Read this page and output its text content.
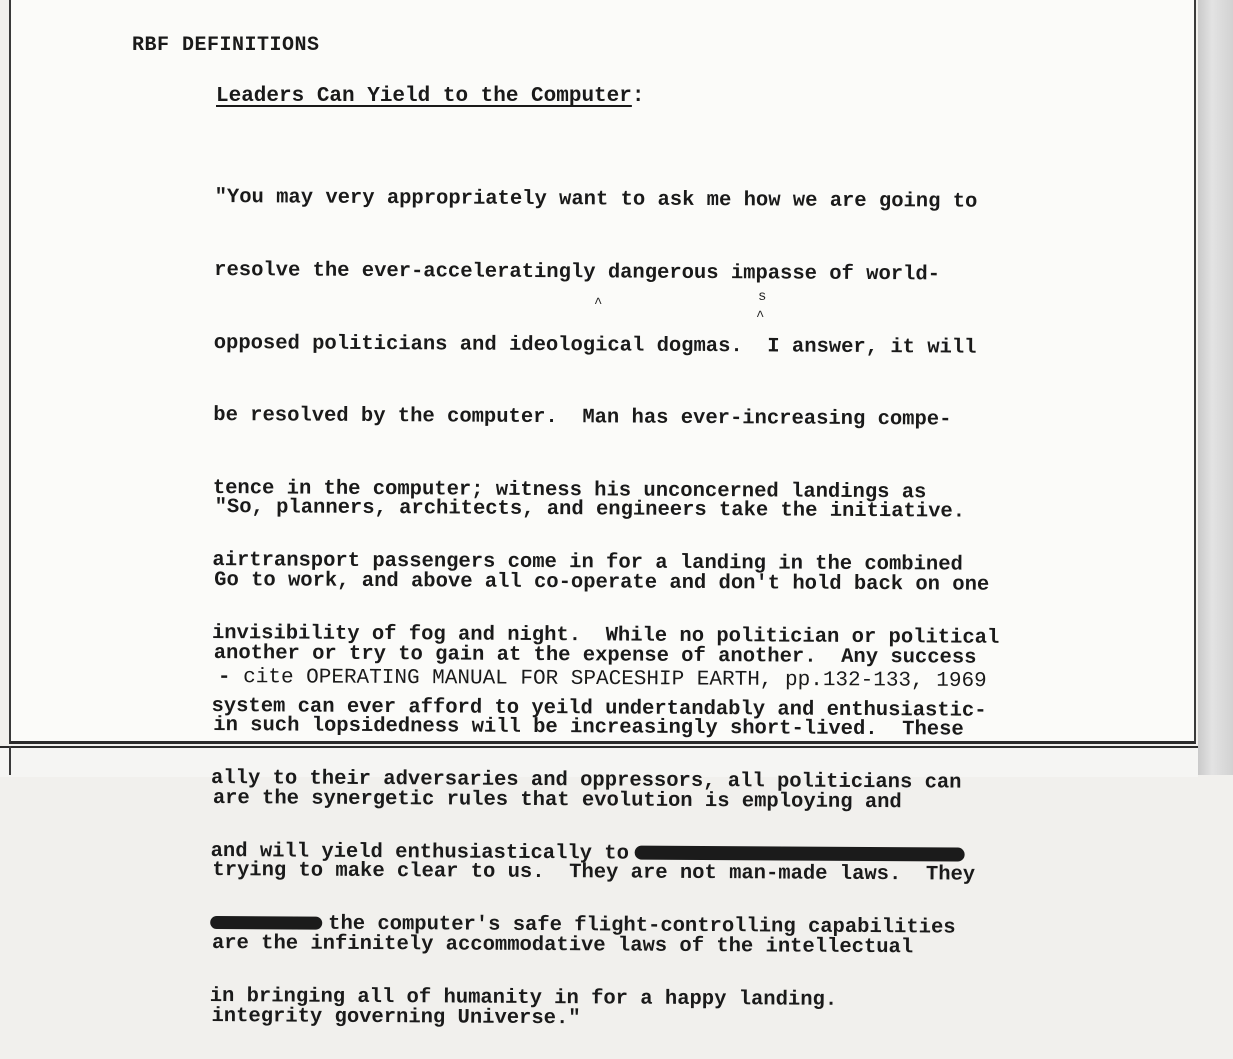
RBF DEFINITIONS
Leaders Can Yield to the Computer:

"You may very appropriately want to ask me how we are going to

resolve the ever-acceleratingly dangerous impasse of world-

opposed politicians and ideological dogmas.  I answer, it will

be resolved by the computer.  Man has ever-increasing compe-

tence in the computer; witness his unconcerned landings as

airtransport passengers come in for a landing in the combined

invisibility of fog and night.  While no politician or political

system can ever afford to yeild undertandably and enthusiastic-

ally to their adversaries and oppressors, all politicians can

and will yield enthusiastically to

the computer's safe flight-controlling capabilities

in bringing all of humanity in for a happy landing.

^	s
^

"So, planners, architects, and engineers take the initiative.

Go to work, and above all co-operate and don't hold back on one

another or try to gain at the expense of another.  Any success

in such lopsidedness will be increasingly short-lived.  These

are the synergetic rules that evolution is employing and

trying to make clear to us.  They are not man-made laws.  They

are the infinitely accommodative laws of the intellectual

integrity governing Universe."

- cite OPERATING MANUAL FOR SPACESHIP EARTH, pp.132-133, 1969
